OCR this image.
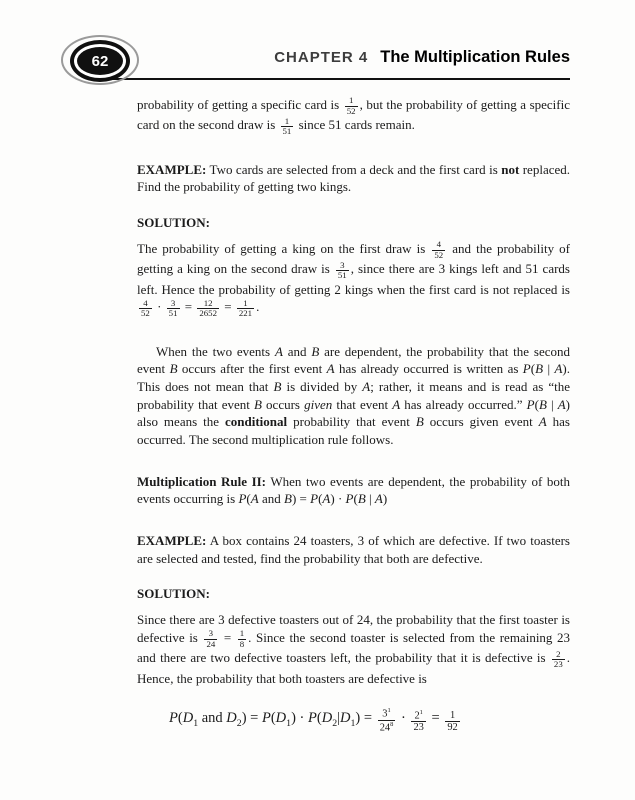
62	CHAPTER 4 The Multiplication Rules
probability of getting a specific card is $\frac{1}{52}$ , but the probability of getting a specific card on the second draw is $\frac{1}{51}$ since 51 cards remain.
EXAMPLE: Two cards are selected from a deck and the first card is not replaced. Find the probability of getting two kings.
SOLUTION:
The probability of getting a king on the first draw is $\frac{4}{52}$ and the probability of getting a king on the second draw is $\frac{3}{51}$ , since there are 3 kings left and 51 cards left. Hence the probability of getting 2 kings when the first card is not replaced is
$\frac{4}{52} \cdot \frac{3}{51} = \frac{12}{2652} = \frac{1}{221}$ .
When the two events A and B are dependent, the probability that the second event B occurs after the first event A has already occurred is written as P(B | A). This does not mean that B is divided by A; rather, it means and is read as “the probability that event B occurs given that event A has already occurred.” P(B | A) also means the conditional probability that event B occurs given event A has occurred. The second multiplication rule follows.
Multiplication Rule II: When two events are dependent, the probability of both events occurring is P(A and B) = P(A) · P(B | A)
EXAMPLE: A box contains 24 toasters, 3 of which are defective. If two toasters are selected and tested, find the probability that both are defective.
SOLUTION:
Since there are 3 defective toasters out of 24, the probability that the first toaster is defective is $\frac{3}{24} = \frac{1}{8}$ . Since the second toaster is selected from the remaining 23 and there are two defective toasters left, the probability that it is defective is $\frac{2}{23}$ . Hence, the probability that both toasters are defective is
$P(D_1$ and $D_2) = P(D_1) \cdot P(D_2|D_1) = \frac{3^1}{24^8} \cdot \frac{2^1}{23} = \frac{1}{92}$
